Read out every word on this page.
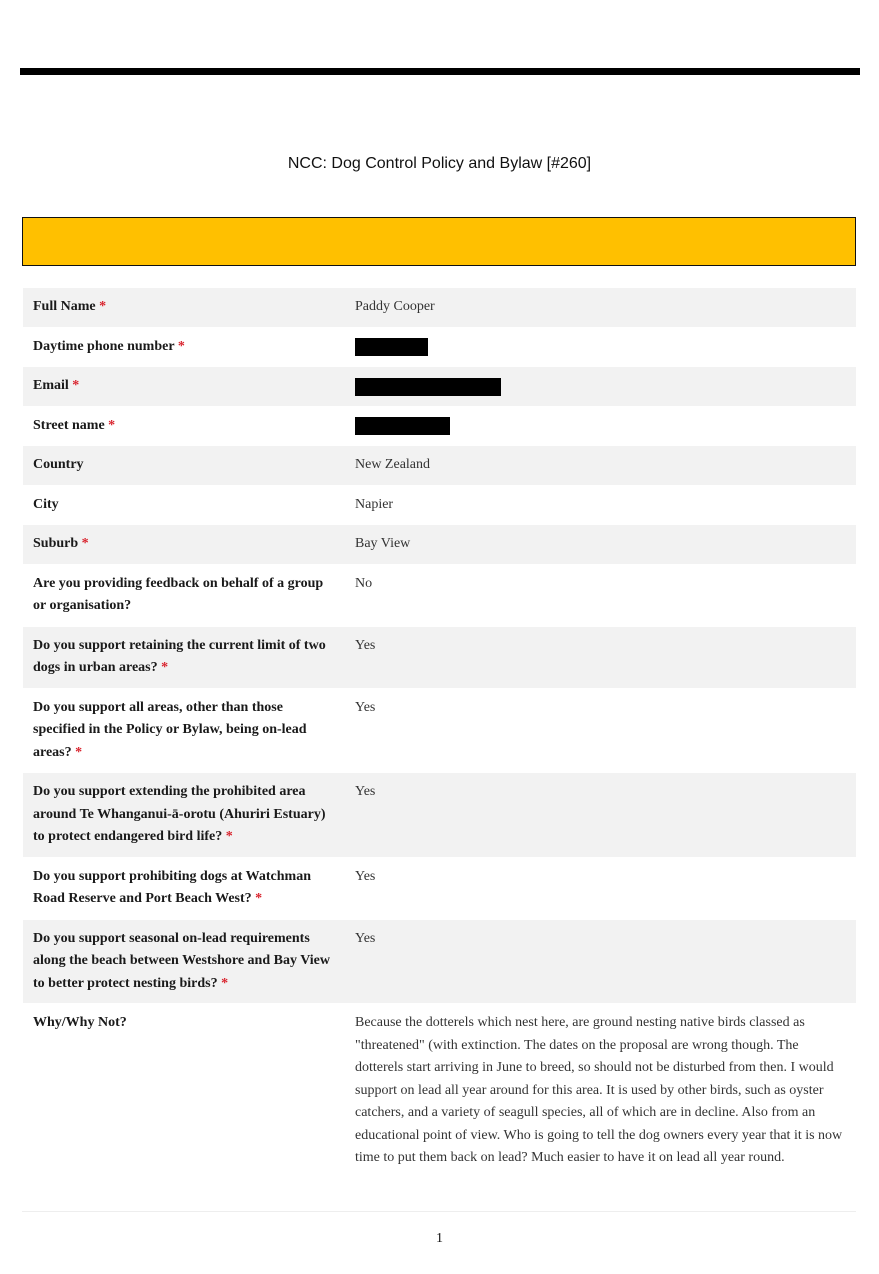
NCC: Dog Control Policy and Bylaw [#260]
Full Name *	Paddy Cooper
Daytime phone number *	
Email *	
Street name *	
Country	New Zealand
City	Napier
Suburb *	Bay View
Are you providing feedback on behalf of a group or organisation?	No
Do you support retaining the current limit of two dogs in urban areas? *	Yes
Do you support all areas, other than those specified in the Policy or Bylaw, being on-lead areas? *	Yes
Do you support extending the prohibited area around Te Whanganui-ā-orotu (Ahuriri Estuary) to protect endangered bird life? *	Yes
Do you support prohibiting dogs at Watchman Road Reserve and Port Beach West? *	Yes
Do you support seasonal on-lead requirements along the beach between Westshore and Bay View to better protect nesting birds? *	Yes
Why/Why Not?	Because the dotterels which nest here, are ground nesting native birds classed as "threatened" (with extinction. The dates on the proposal are wrong though. The dotterels start arriving in June to breed, so should not be disturbed from then. I would support on lead all year around for this area. It is used by other birds, such as oyster catchers, and a variety of seagull species, all of which are in decline. Also from an educational point of view. Who is going to tell the dog owners every year that it is now time to put them back on lead? Much easier to have it on lead all year round.
1
